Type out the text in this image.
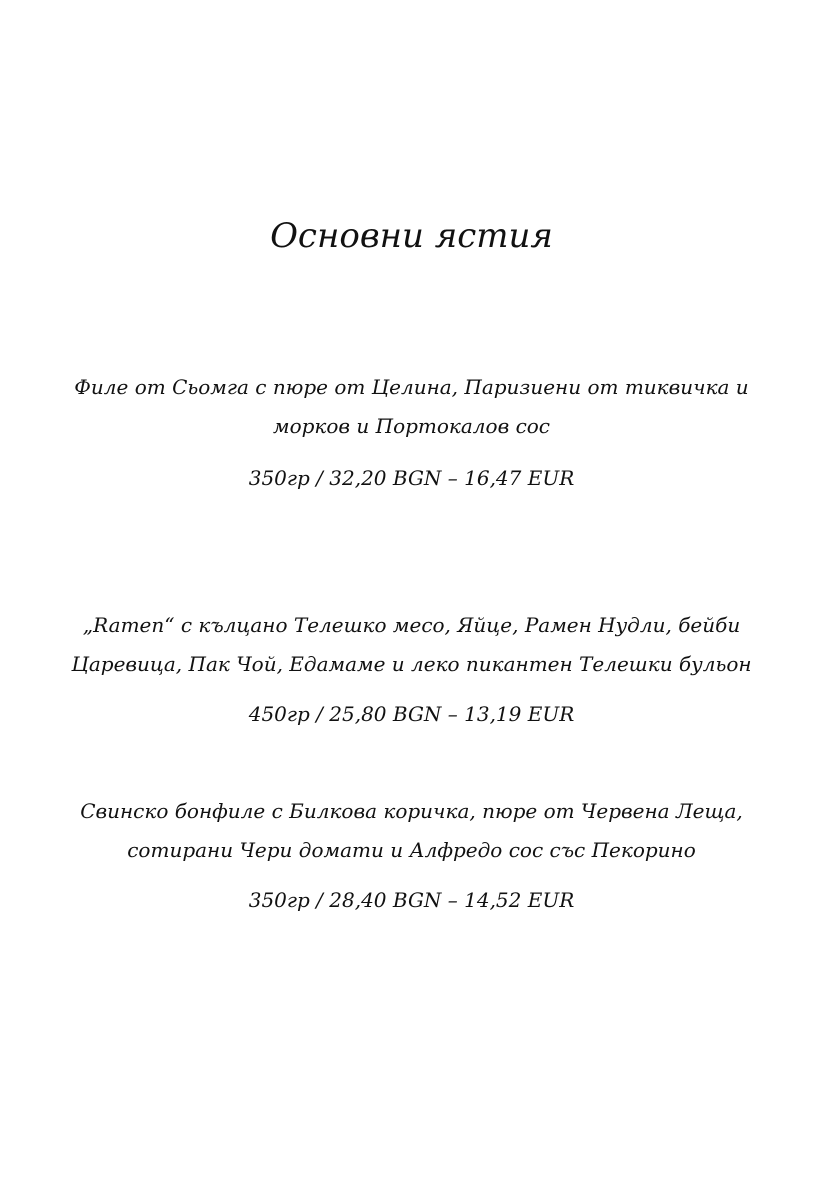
Основни ястия

Филе от Сьомга с пюре от Целина, Паризиени от тиквичка и
морков и Портокалов сос

350гр / 32,20 BGN – 16,47 EUR

„Ramen“ с кълцано Телешко месо, Яйце, Рамен Нудли, бейби
Царевица, Пак Чой, Едамаме и леко пикантен Телешки бульон

450гр / 25,80 BGN – 13,19 EUR

Свинско бонфиле с Билкова коричка, пюре от Червена Леща,
сотирани Чери домати и Алфредо сос със Пекорино

350гр / 28,40 BGN – 14,52 EUR
